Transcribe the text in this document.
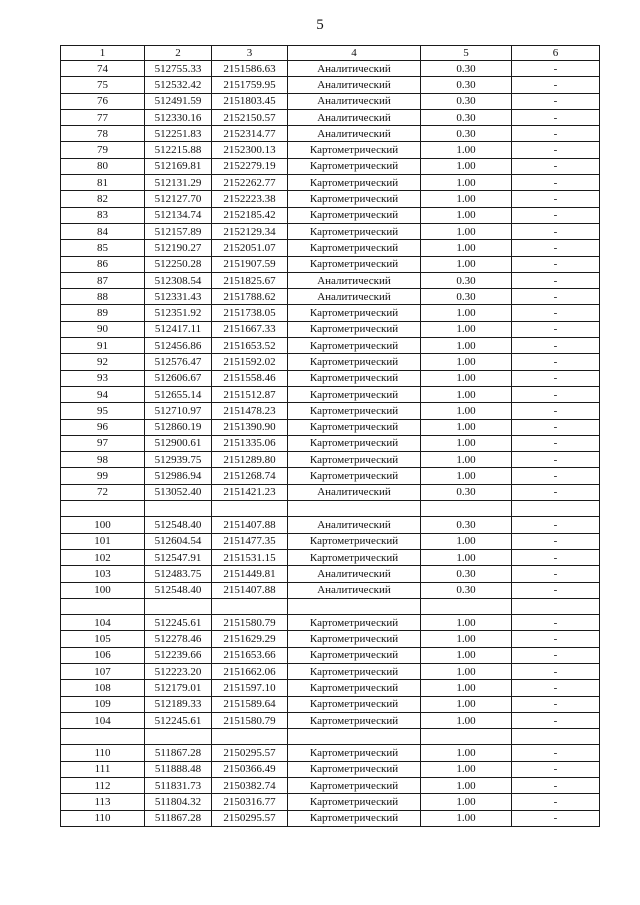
5
1	2	3	4	5	6
74	512755.33	2151586.63	Аналитический	0.30	-
75	512532.42	2151759.95	Аналитический	0.30	-
76	512491.59	2151803.45	Аналитический	0.30	-
77	512330.16	2152150.57	Аналитический	0.30	-
78	512251.83	2152314.77	Аналитический	0.30	-
79	512215.88	2152300.13	Картометрический	1.00	-
80	512169.81	2152279.19	Картометрический	1.00	-
81	512131.29	2152262.77	Картометрический	1.00	-
82	512127.70	2152223.38	Картометрический	1.00	-
83	512134.74	2152185.42	Картометрический	1.00	-
84	512157.89	2152129.34	Картометрический	1.00	-
85	512190.27	2152051.07	Картометрический	1.00	-
86	512250.28	2151907.59	Картометрический	1.00	-
87	512308.54	2151825.67	Аналитический	0.30	-
88	512331.43	2151788.62	Аналитический	0.30	-
89	512351.92	2151738.05	Картометрический	1.00	-
90	512417.11	2151667.33	Картометрический	1.00	-
91	512456.86	2151653.52	Картометрический	1.00	-
92	512576.47	2151592.02	Картометрический	1.00	-
93	512606.67	2151558.46	Картометрический	1.00	-
94	512655.14	2151512.87	Картометрический	1.00	-
95	512710.97	2151478.23	Картометрический	1.00	-
96	512860.19	2151390.90	Картометрический	1.00	-
97	512900.61	2151335.06	Картометрический	1.00	-
98	512939.75	2151289.80	Картометрический	1.00	-
99	512986.94	2151268.74	Картометрический	1.00	-
72	513052.40	2151421.23	Аналитический	0.30	-

100	512548.40	2151407.88	Аналитический	0.30	-
101	512604.54	2151477.35	Картометрический	1.00	-
102	512547.91	2151531.15	Картометрический	1.00	-
103	512483.75	2151449.81	Аналитический	0.30	-
100	512548.40	2151407.88	Аналитический	0.30	-

104	512245.61	2151580.79	Картометрический	1.00	-
105	512278.46	2151629.29	Картометрический	1.00	-
106	512239.66	2151653.66	Картометрический	1.00	-
107	512223.20	2151662.06	Картометрический	1.00	-
108	512179.01	2151597.10	Картометрический	1.00	-
109	512189.33	2151589.64	Картометрический	1.00	-
104	512245.61	2151580.79	Картометрический	1.00	-

110	511867.28	2150295.57	Картометрический	1.00	-
111	511888.48	2150366.49	Картометрический	1.00	-
112	511831.73	2150382.74	Картометрический	1.00	-
113	511804.32	2150316.77	Картометрический	1.00	-
110	511867.28	2150295.57	Картометрический	1.00	-
